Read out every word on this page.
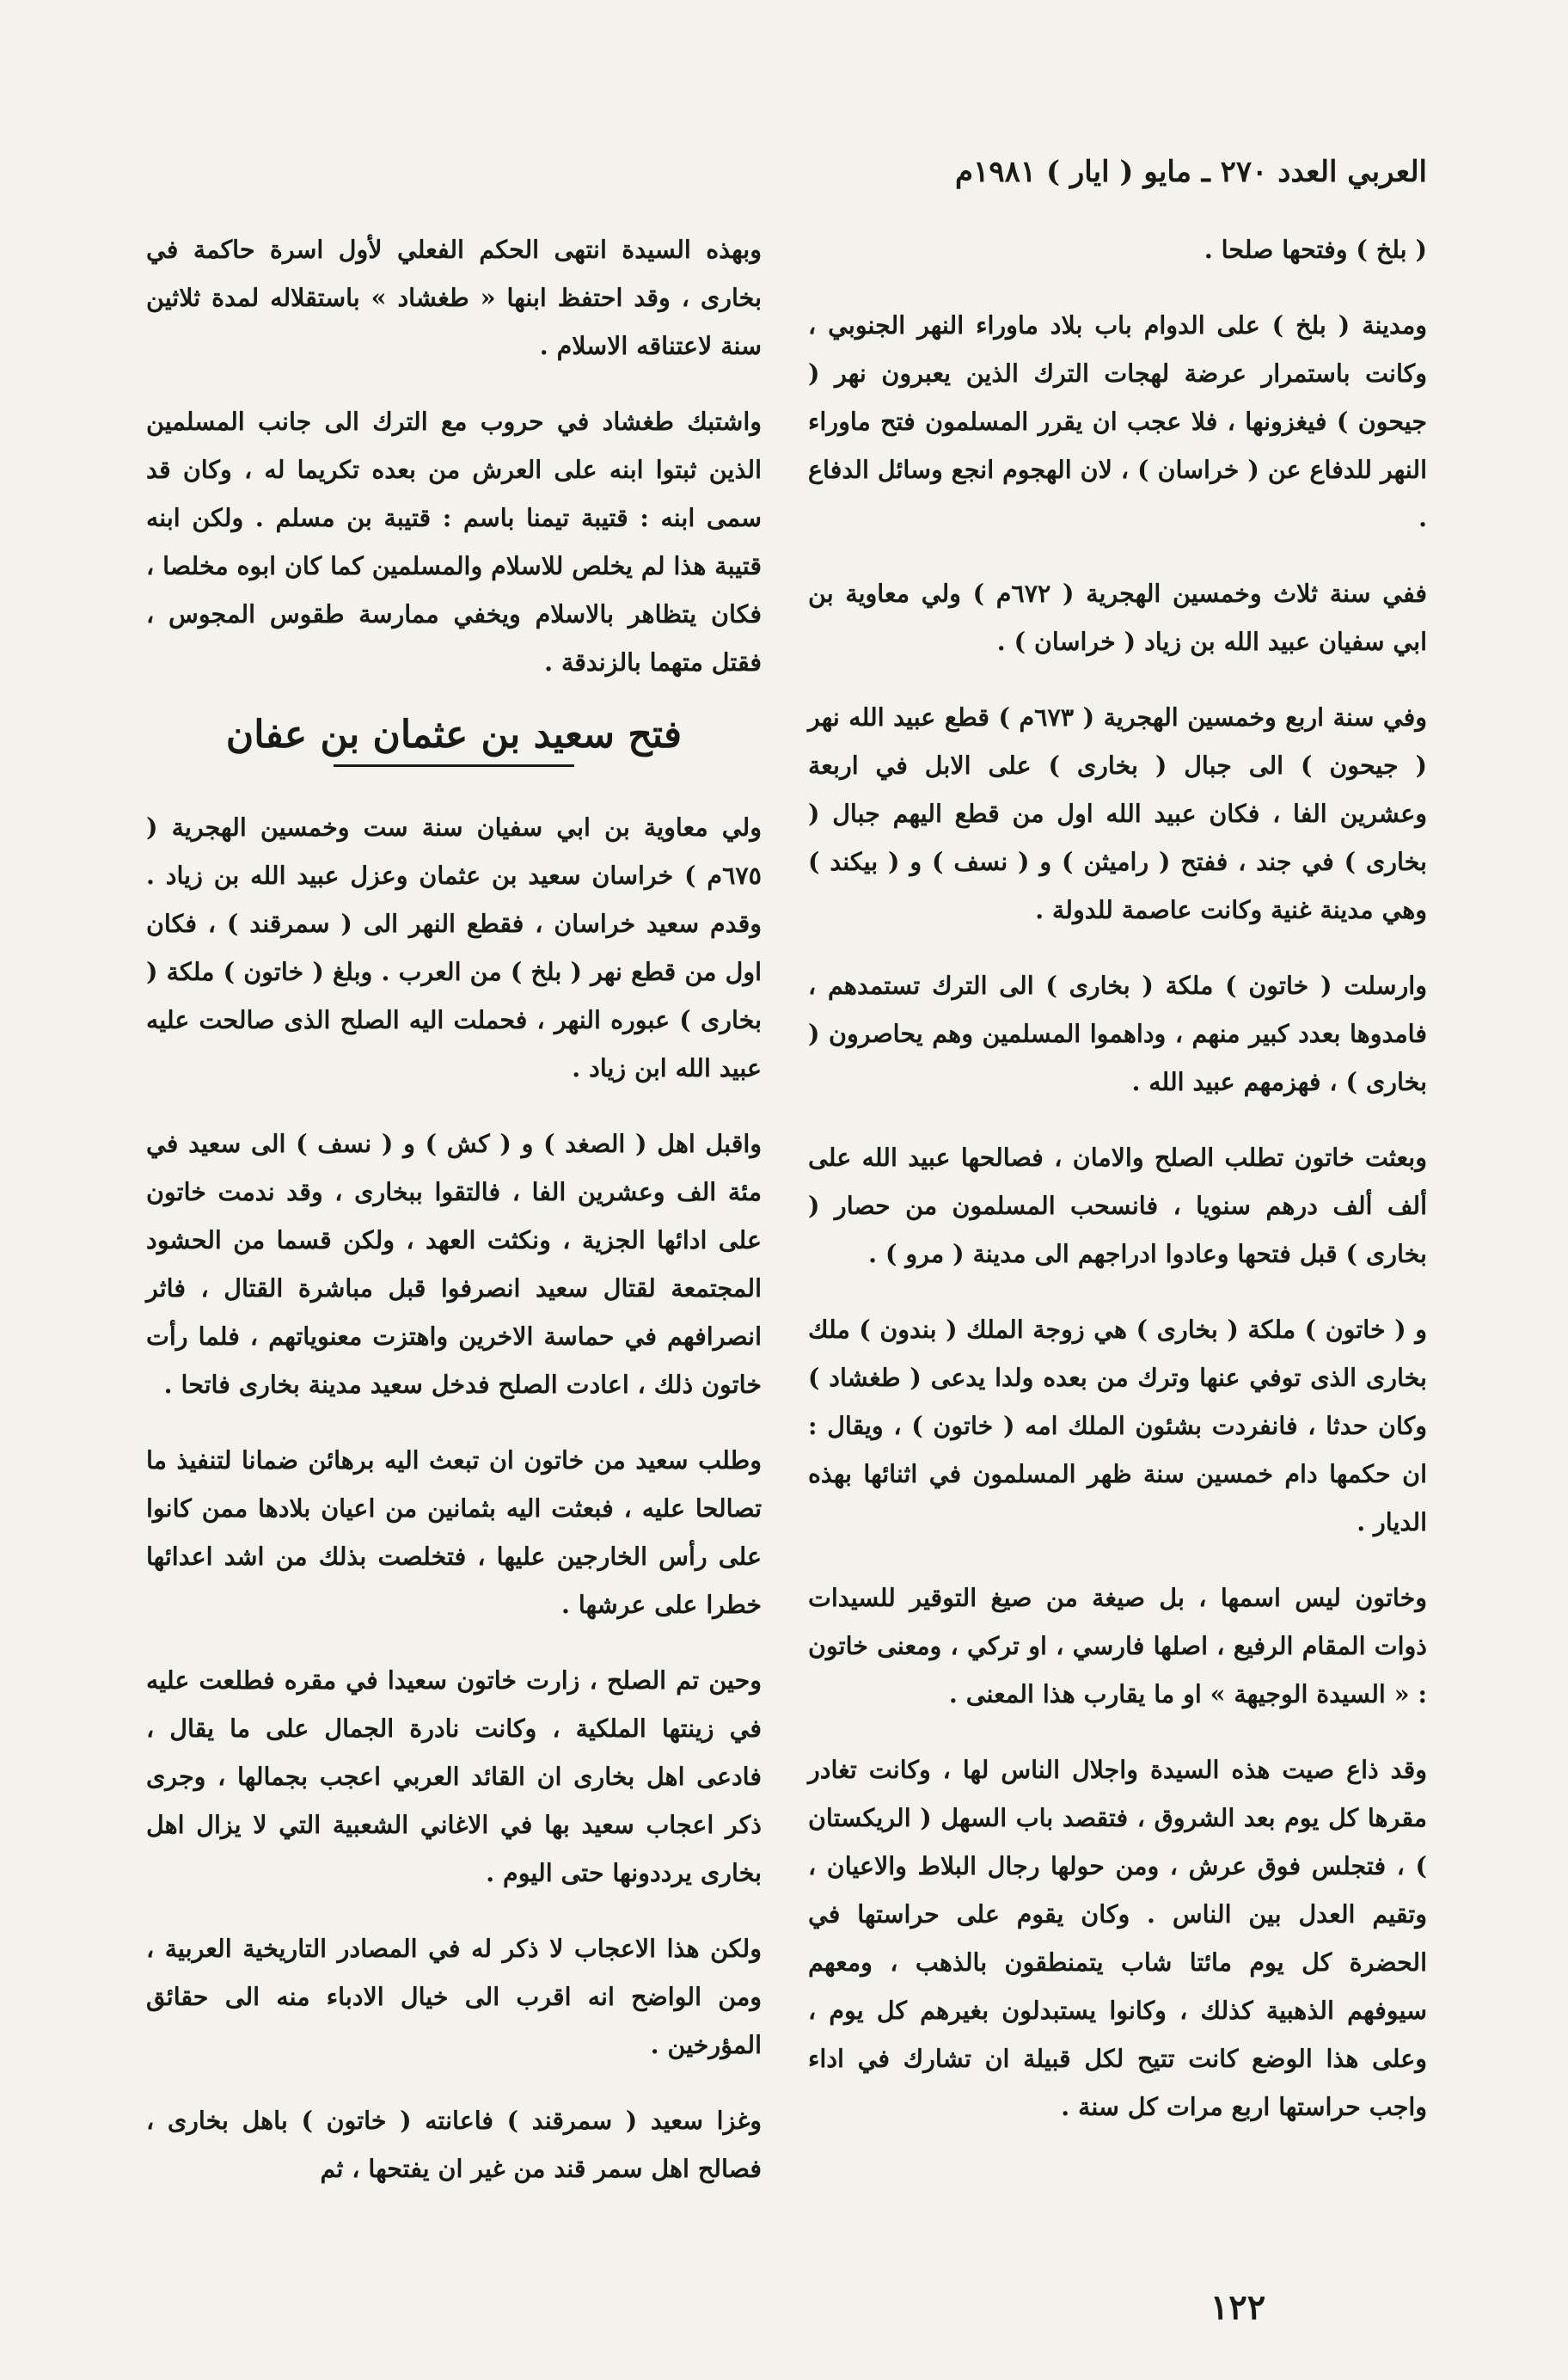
العربي العدد ٢٧٠ ـ مايو ( ايار ) ١٩٨١م

( بلخ ) وفتحها صلحا .

ومدينة ( بلخ ) على الدوام باب بلاد ماوراء النهر الجنوبي ، وكانت باستمرار عرضة لهجات الترك الذين يعبرون نهر ( جيحون ) فيغزونها ، فلا عجب ان يقرر المسلمون فتح ماوراء النهر للدفاع عن ( خراسان ) ، لان الهجوم انجع وسائل الدفاع .

ففي سنة ثلاث وخمسين الهجرية ( ٦٧٢م ) ولي معاوية بن ابي سفيان عبيد الله بن زياد ( خراسان ) .

وفي سنة اربع وخمسين الهجرية ( ٦٧٣م ) قطع عبيد الله نهر ( جيحون ) الى جبال ( بخارى ) على الابل في اربعة وعشرين الفا ، فكان عبيد الله اول من قطع اليهم جبال ( بخارى ) في جند ، ففتح ( راميثن ) و ( نسف ) و ( بيكند ) وهي مدينة غنية وكانت عاصمة للدولة .

وارسلت ( خاتون ) ملكة ( بخارى ) الى الترك تستمدهم ، فامدوها بعدد كبير منهم ، وداهموا المسلمين وهم يحاصرون ( بخارى ) ، فهزمهم عبيد الله .

وبعثت خاتون تطلب الصلح والامان ، فصالحها عبيد الله على ألف ألف درهم سنويا ، فانسحب المسلمون من حصار ( بخارى ) قبل فتحها وعادوا ادراجهم الى مدينة ( مرو ) .

و ( خاتون ) ملكة ( بخارى ) هي زوجة الملك ( بندون ) ملك بخارى الذى توفي عنها وترك من بعده ولدا يدعى ( طغشاد ) وكان حدثا ، فانفردت بشئون الملك امه ( خاتون ) ، ويقال : ان حكمها دام خمسين سنة ظهر المسلمون في اثنائها بهذه الديار .

وخاتون ليس اسمها ، بل صيغة من صيغ التوقير للسيدات ذوات المقام الرفيع ، اصلها فارسي ، او تركي ، ومعنى خاتون : « السيدة الوجيهة » او ما يقارب هذا المعنى .

وقد ذاع صيت هذه السيدة واجلال الناس لها ، وكانت تغادر مقرها كل يوم بعد الشروق ، فتقصد باب السهل ( الريكستان ) ، فتجلس فوق عرش ، ومن حولها رجال البلاط والاعيان ، وتقيم العدل بين الناس . وكان يقوم على حراستها في الحضرة كل يوم مائتا شاب يتمنطقون بالذهب ، ومعهم سيوفهم الذهبية كذلك ، وكانوا يستبدلون بغيرهم كل يوم ، وعلى هذا الوضع كانت تتيح لكل قبيلة ان تشارك في اداء واجب حراستها اربع مرات كل سنة .

وبهذه السيدة انتهى الحكم الفعلي لأول اسرة حاكمة في بخارى ، وقد احتفظ ابنها « طغشاد » باستقلاله لمدة ثلاثين سنة لاعتناقه الاسلام .

واشتبك طغشاد في حروب مع الترك الى جانب المسلمين الذين ثبتوا ابنه على العرش من بعده تكريما له ، وكان قد سمى ابنه : قتيبة تيمنا باسم : قتيبة بن مسلم . ولكن ابنه قتيبة هذا لم يخلص للاسلام والمسلمين كما كان ابوه مخلصا ، فكان يتظاهر بالاسلام ويخفي ممارسة طقوس المجوس ، فقتل متهما بالزندقة .

فتح سعيد بن عثمان بن عفان

ولي معاوية بن ابي سفيان سنة ست وخمسين الهجرية ( ٦٧٥م ) خراسان سعيد بن عثمان وعزل عبيد الله بن زياد . وقدم سعيد خراسان ، فقطع النهر الى ( سمرقند ) ، فكان اول من قطع نهر ( بلخ ) من العرب . وبلغ ( خاتون ) ملكة ( بخارى ) عبوره النهر ، فحملت اليه الصلح الذى صالحت عليه عبيد الله ابن زياد .

واقبل اهل ( الصغد ) و ( كش ) و ( نسف ) الى سعيد في مئة الف وعشرين الفا ، فالتقوا ببخارى ، وقد ندمت خاتون على ادائها الجزية ، ونكثت العهد ، ولكن قسما من الحشود المجتمعة لقتال سعيد انصرفوا قبل مباشرة القتال ، فاثر انصرافهم في حماسة الاخرين واهتزت معنوياتهم ، فلما رأت خاتون ذلك ، اعادت الصلح فدخل سعيد مدينة بخارى فاتحا .

وطلب سعيد من خاتون ان تبعث اليه برهائن ضمانا لتنفيذ ما تصالحا عليه ، فبعثت اليه بثمانين من اعيان بلادها ممن كانوا على رأس الخارجين عليها ، فتخلصت بذلك من اشد اعدائها خطرا على عرشها .

وحين تم الصلح ، زارت خاتون سعيدا في مقره فطلعت عليه في زينتها الملكية ، وكانت نادرة الجمال على ما يقال ، فادعى اهل بخارى ان القائد العربي اعجب بجمالها ، وجرى ذكر اعجاب سعيد بها في الاغاني الشعبية التي لا يزال اهل بخارى يرددونها حتى اليوم .

ولكن هذا الاعجاب لا ذكر له في المصادر التاريخية العربية ، ومن الواضح انه اقرب الى خيال الادباء منه الى حقائق المؤرخين .

وغزا سعيد ( سمرقند ) فاعانته ( خاتون ) باهل بخارى ، فصالح اهل سمر قند من غير ان يفتحها ، ثم

١٢٢
